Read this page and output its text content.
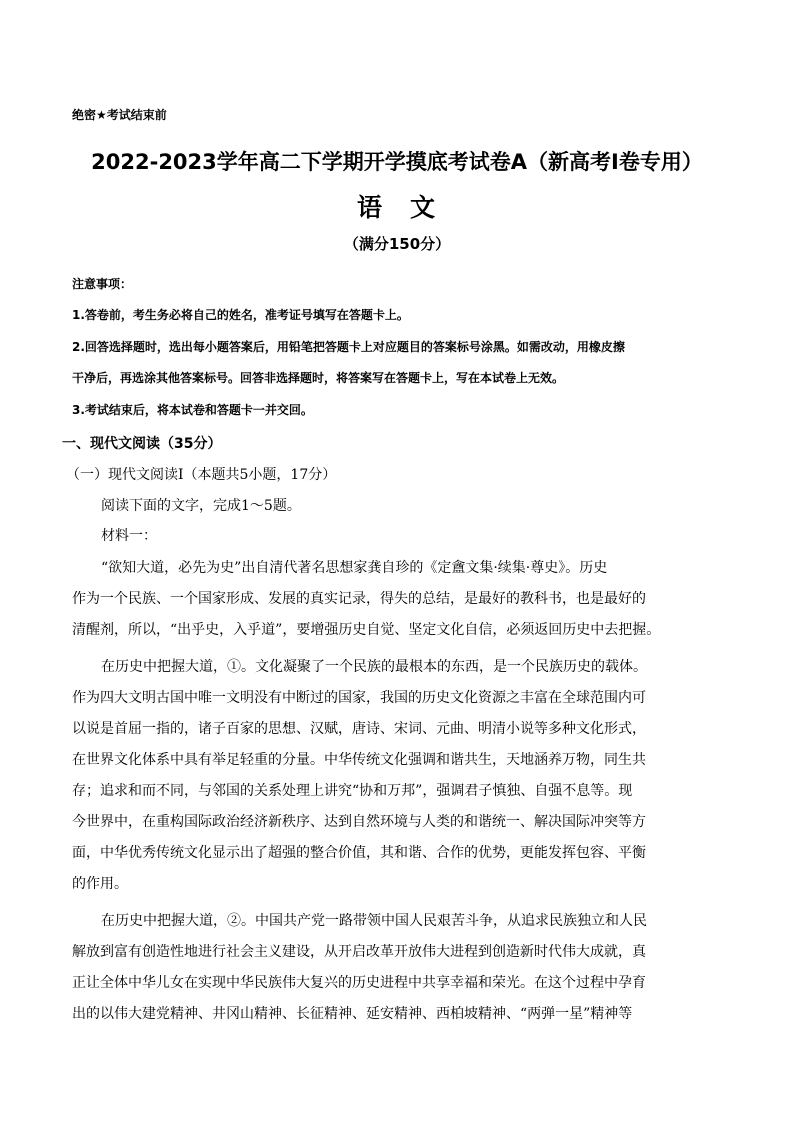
绝密★考试结束前
2022-2023学年高二下学期开学摸底考试卷A（新高考Ⅰ卷专用）
语 文
（满分150分）
注意事项：
1.答卷前，考生务必将自己的姓名，准考证号填写在答题卡上。
2.回答选择题时，选出每小题答案后，用铅笔把答题卡上对应题目的答案标号涂黑。如需改动，用橡皮擦
干净后，再选涂其他答案标号。回答非选择题时，将答案写在答题卡上，写在本试卷上无效。
3.考试结束后，将本试卷和答题卡一并交回。
一、现代文阅读（35分）
（一）现代文阅读Ⅰ（本题共5小题，17分）
阅读下面的文字，完成1～5题。
材料一：
“欲知大道，必先为史”出自清代著名思想家龚自珍的《定盦文集·续集·尊史》。历史
作为一个民族、一个国家形成、发展的真实记录，得失的总结，是最好的教科书，也是最好的
清醒剂，所以，“出乎史，入乎道”，要增强历史自觉、坚定文化自信，必须返回历史中去把握。
在历史中把握大道，①。文化凝聚了一个民族的最根本的东西，是一个民族历史的载体。
作为四大文明古国中唯一文明没有中断过的国家，我国的历史文化资源之丰富在全球范围内可
以说是首屈一指的，诸子百家的思想、汉赋，唐诗、宋词、元曲、明清小说等多种文化形式，
在世界文化体系中具有举足轻重的分量。中华传统文化强调和谐共生，天地涵养万物，同生共
存；追求和而不同，与邻国的关系处理上讲究“协和万邦”，强调君子慎独、自强不息等。现
今世界中，在重构国际政治经济新秩序、达到自然环境与人类的和谐统一、解决国际冲突等方
面，中华优秀传统文化显示出了超强的整合价值，其和谐、合作的优势，更能发挥包容、平衡
的作用。
在历史中把握大道，②。中国共产党一路带领中国人民艰苦斗争，从追求民族独立和人民
解放到富有创造性地进行社会主义建设，从开启改革开放伟大进程到创造新时代伟大成就，真
正让全体中华儿女在实现中华民族伟大复兴的历史进程中共享幸福和荣光。在这个过程中孕育
出的以伟大建党精神、井冈山精神、长征精神、延安精神、西柏坡精神、“两弹一星”精神等
